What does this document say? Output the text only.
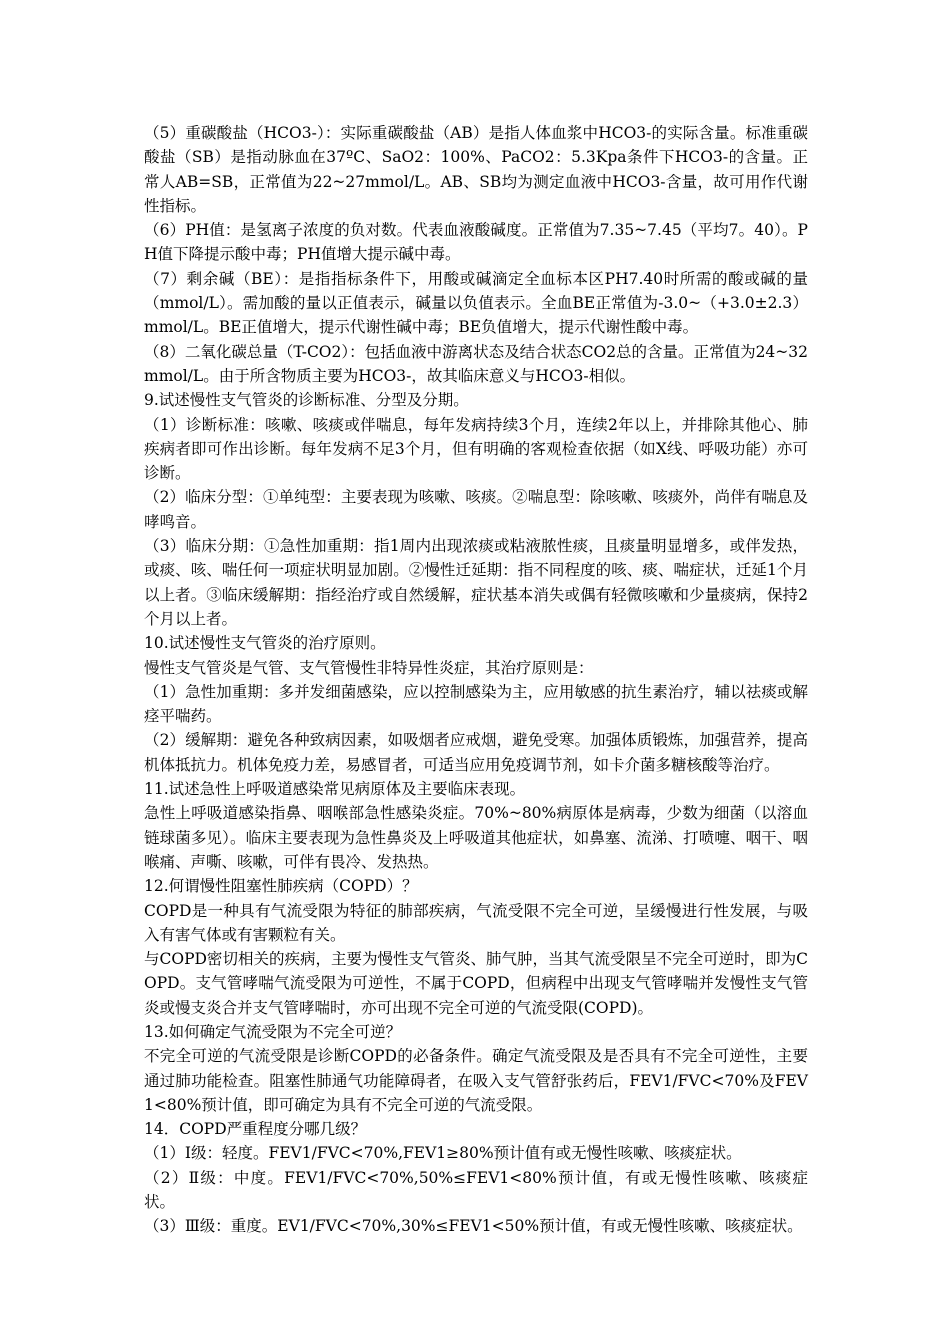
（5）重碳酸盐（HCO3-）：实际重碳酸盐（AB）是指人体血浆中HCO3-的实际含量。标准重碳酸盐（SB）是指动脉血在37ºC、SaO2：100%、PaCO2：5.3Kpa条件下HCO3-的含量。正常人AB=SB，正常值为22~27mmol/L。AB、SB均为测定血液中HCO3-含量，故可用作代谢性指标。

（6）PH值：是氢离子浓度的负对数。代表血液酸碱度。正常值为7.35~7.45（平均7。40）。PH值下降提示酸中毒；PH值增大提示碱中毒。

（7）剩余碱（BE）：是指指标条件下，用酸或碱滴定全血标本区PH7.40时所需的酸或碱的量（mmol/L）。需加酸的量以正值表示，碱量以负值表示。全血BE正常值为-3.0~（+3.0±2.3）mmol/L。BE正值增大，提示代谢性碱中毒；BE负值增大，提示代谢性酸中毒。

（8）二氧化碳总量（T-CO2）：包括血液中游离状态及结合状态CO2总的含量。正常值为24~32mmol/L。由于所含物质主要为HCO3-，故其临床意义与HCO3-相似。

9.试述慢性支气管炎的诊断标准、分型及分期。

（1）诊断标准：咳嗽、咳痰或伴喘息，每年发病持续3个月，连续2年以上，并排除其他心、肺疾病者即可作出诊断。每年发病不足3个月，但有明确的客观检查依据（如X线、呼吸功能）亦可诊断。

（2）临床分型：①单纯型：主要表现为咳嗽、咳痰。②喘息型：除咳嗽、咳痰外，尚伴有喘息及哮鸣音。

（3）临床分期：①急性加重期：指1周内出现浓痰或粘液脓性痰，且痰量明显增多，或伴发热，或痰、咳、喘任何一项症状明显加剧。②慢性迁延期：指不同程度的咳、痰、喘症状，迁延1个月以上者。③临床缓解期：指经治疗或自然缓解，症状基本消失或偶有轻微咳嗽和少量痰病，保持2个月以上者。

10.试述慢性支气管炎的治疗原则。

慢性支气管炎是气管、支气管慢性非特异性炎症，其治疗原则是：

（1）急性加重期：多并发细菌感染，应以控制感染为主，应用敏感的抗生素治疗，辅以祛痰或解痉平喘药。

（2）缓解期：避免各种致病因素，如吸烟者应戒烟，避免受寒。加强体质锻炼，加强营养，提高机体抵抗力。机体免疫力差，易感冒者，可适当应用免疫调节剂，如卡介菌多糖核酸等治疗。

11.试述急性上呼吸道感染常见病原体及主要临床表现。

急性上呼吸道感染指鼻、咽喉部急性感染炎症。70%~80%病原体是病毒，少数为细菌（以溶血链球菌多见）。临床主要表现为急性鼻炎及上呼吸道其他症状，如鼻塞、流涕、打喷嚏、咽干、咽喉痛、声嘶、咳嗽，可伴有畏冷、发热热。

12.何谓慢性阻塞性肺疾病（COPD）？

COPD是一种具有气流受限为特征的肺部疾病，气流受限不完全可逆，呈缓慢进行性发展，与吸入有害气体或有害颗粒有关。

与COPD密切相关的疾病，主要为慢性支气管炎、肺气肿，当其气流受限呈不完全可逆时，即为COPD。支气管哮喘气流受限为可逆性，不属于COPD，但病程中出现支气管哮喘并发慢性支气管炎或慢支炎合并支气管哮喘时，亦可出现不完全可逆的气流受限(COPD)。

13.如何确定气流受限为不完全可逆？

不完全可逆的气流受限是诊断COPD的必备条件。确定气流受限及是否具有不完全可逆性，主要通过肺功能检查。阻塞性肺通气功能障碍者，在吸入支气管舒张药后，FEV1/FVC<70%及FEV1<80%预计值，即可确定为具有不完全可逆的气流受限。

14．COPD严重程度分哪几级？

（1）Ⅰ级：轻度。FEV1/FVC<70%,FEV1≥80%预计值有或无慢性咳嗽、咳痰症状。

（2）Ⅱ级：中度。FEV1/FVC<70%,50%≤FEV1<80%预计值，有或无慢性咳嗽、咳痰症状。

（3）Ⅲ级：重度。EV1/FVC<70%,30%≤FEV1<50%预计值，有或无慢性咳嗽、咳痰症状。
